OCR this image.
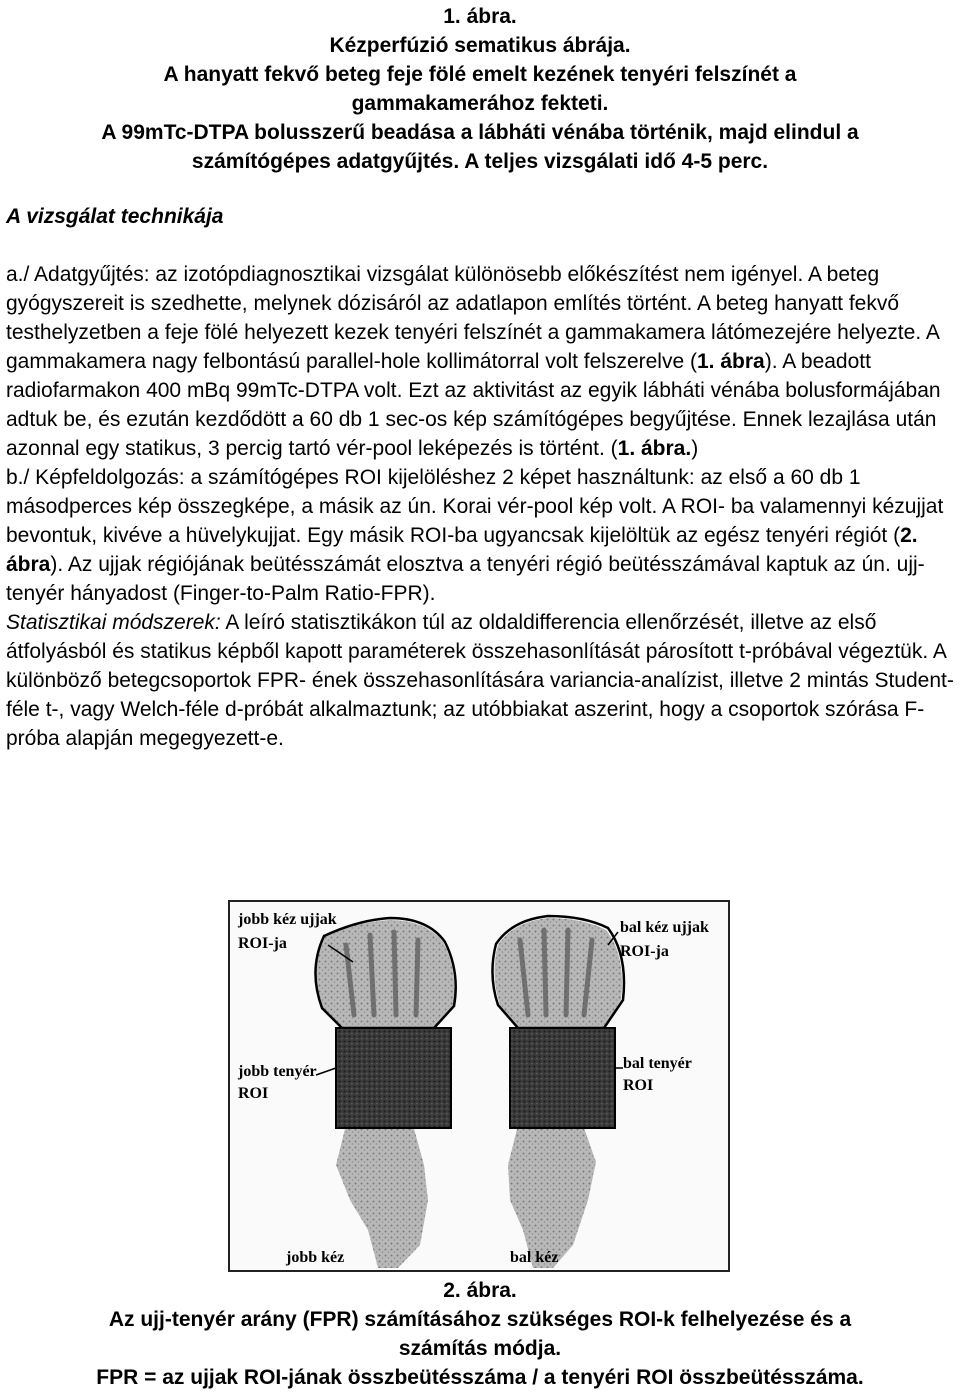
1. ábra.
Kézperfúzió sematikus ábrája.
A hanyatt fekvő beteg feje fölé emelt kezének tenyéri felszínét a
gammakamerához fekteti.
A 99mTc-DTPA bolusszerű beadása a lábháti vénába történik, majd elindul a
számítógépes adatgyűjtés. A teljes vizsgálati idő 4-5 perc.
A vizsgálat technikája

a./ Adatgyűjtés: az izotópdiagnosztikai vizsgálat különösebb előkészítést nem igényel. A beteg gyógyszereit is szedhette, melynek dózisáról az adatlapon említés történt. A beteg hanyatt fekvő testhelyzetben a feje fölé helyezett kezek tenyéri felszínét a gammakamera látómezejére helyezte. A gammakamera nagy felbontású parallel-hole kollimátorral volt felszerelve (1. ábra). A beadott radiofarmakon 400 mBq 99mTc-DTPA volt. Ezt az aktivitást az egyik lábháti vénába bolusformájában adtuk be, és ezután kezdődött a 60 db 1 sec-os kép számítógépes begyűjtése. Ennek lezajlása után azonnal egy statikus, 3 percig tartó vér-pool leképezés is történt. (1. ábra.)

b./ Képfeldolgozás: a számítógépes ROI kijelöléshez 2 képet használtunk: az első a 60 db 1 másodperces kép összegképe, a másik az ún. Korai vér-pool kép volt. A ROI- ba valamennyi kézujjat bevontuk, kivéve a hüvelykujjat. Egy másik ROI-ba ugyancsak kijelöltük az egész tenyéri régiót (2. ábra). Az ujjak régiójának beütésszámát elosztva a tenyéri régió beütésszámával kaptuk az ún. ujj-tenyér hányadost (Finger-to-Palm Ratio-FPR).

Statisztikai módszerek: A leíró statisztikákon túl az oldaldifferencia ellenőrzését, illetve az első átfolyásból és statikus képből kapott paraméterek összehasonlítását párosított t-próbával végeztük. A különböző betegcsoportok FPR- ének összehasonlítására variancia-analízist, illetve 2 mintás Student-féle t-, vagy Welch-féle d-próbát alkalmaztunk; az utóbbiakat aszerint, hogy a csoportok szórása F-próba alapján megegyezett-e.

jobb kéz ujjak
ROI-ja
bal kéz ujjak
ROI-ja
jobb tenyér
ROI
bal tenyér
ROI
jobb kéz	bal kéz
2. ábra.
Az ujj-tenyér arány (FPR) számításához szükséges ROI-k felhelyezése és a
számítás módja.
FPR = az ujjak ROI-jának összbeütésszáma / a tenyéri ROI összbeütésszáma.
